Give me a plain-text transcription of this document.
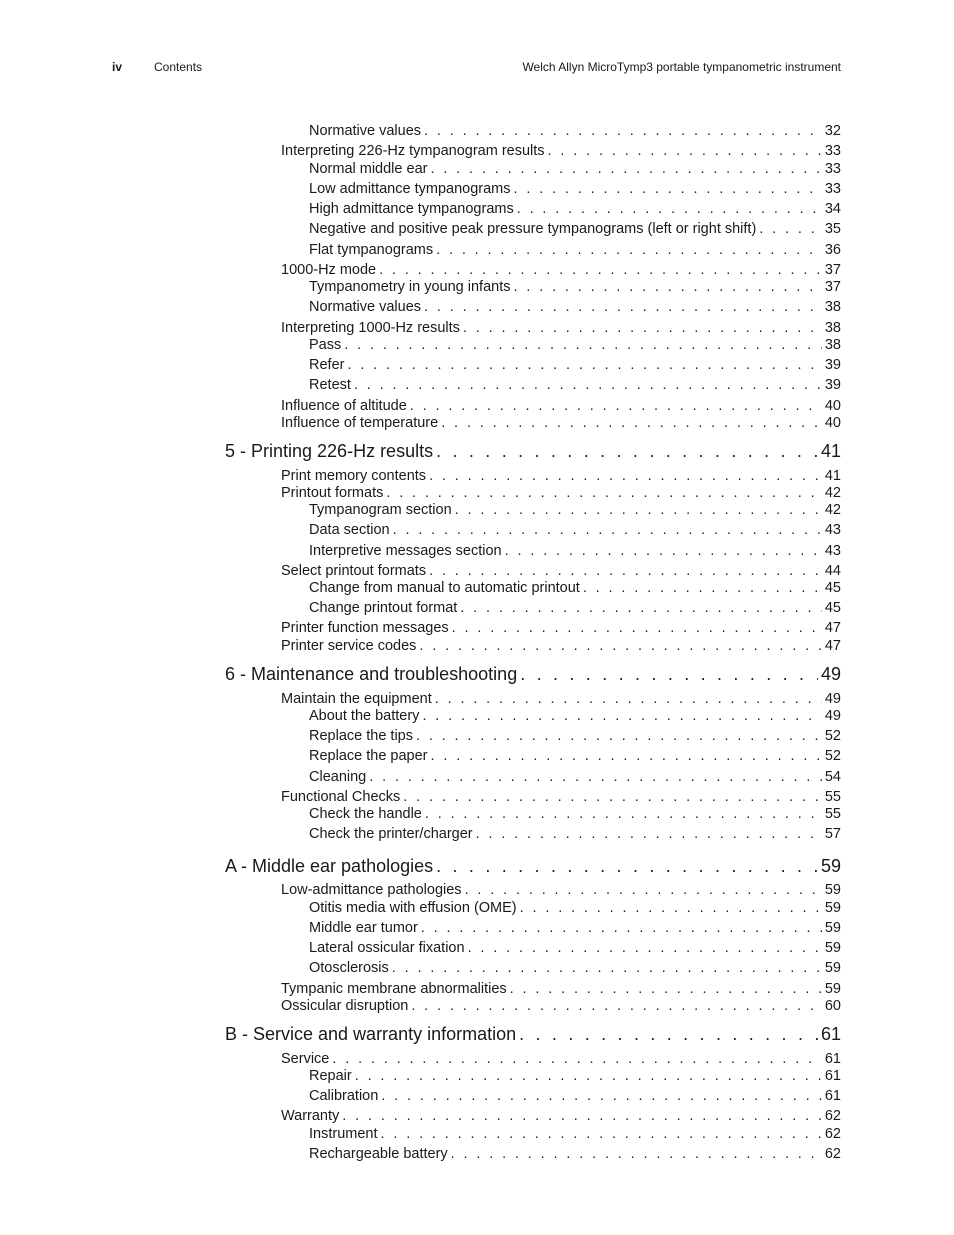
iv	Contents	Welch Allyn MicroTymp3 portable tympanometric instrument
Normative values . . .	32
Interpreting 226-Hz tympanogram results . . .	33
Normal middle ear . . .	33
Low admittance tympanograms . . .	33
High admittance tympanograms . . .	34
Negative and positive peak pressure tympanograms (left or right shift) . . .	35
Flat tympanograms . . .	36
1000-Hz mode . . .	37
Tympanometry in young infants . . .	37
Normative values . . .	38
Interpreting 1000-Hz results . . .	38
Pass . . .	38
Refer . . .	39
Retest . . .	39
Influence of altitude . . .	40
Influence of temperature . . .	40
5 - Printing 226-Hz results . . .	41
Print memory contents . . .	41
Printout formats . . .	42
Tympanogram section . . .	42
Data section . . .	43
Interpretive messages section . . .	43
Select printout formats . . .	44
Change from manual to automatic printout . . .	45
Change printout format . . .	45
Printer function messages . . .	47
Printer service codes . . .	47
6 - Maintenance and troubleshooting . . .	49
Maintain the equipment . . .	49
About the battery . . .	49
Replace the tips . . .	52
Replace the paper . . .	52
Cleaning . . .	54
Functional Checks . . .	55
Check the handle . . .	55
Check the printer/charger . . .	57
A - Middle ear pathologies . . .	59
Low-admittance pathologies . . .	59
Otitis media with effusion (OME) . . .	59
Middle ear tumor . . .	59
Lateral ossicular fixation . . .	59
Otosclerosis . . .	59
Tympanic membrane abnormalities . . .	59
Ossicular disruption . . .	60
B - Service and warranty information . . .	61
Service . . .	61
Repair . . .	61
Calibration . . .	61
Warranty . . .	62
Instrument . . .	62
Rechargeable battery . . .	62
